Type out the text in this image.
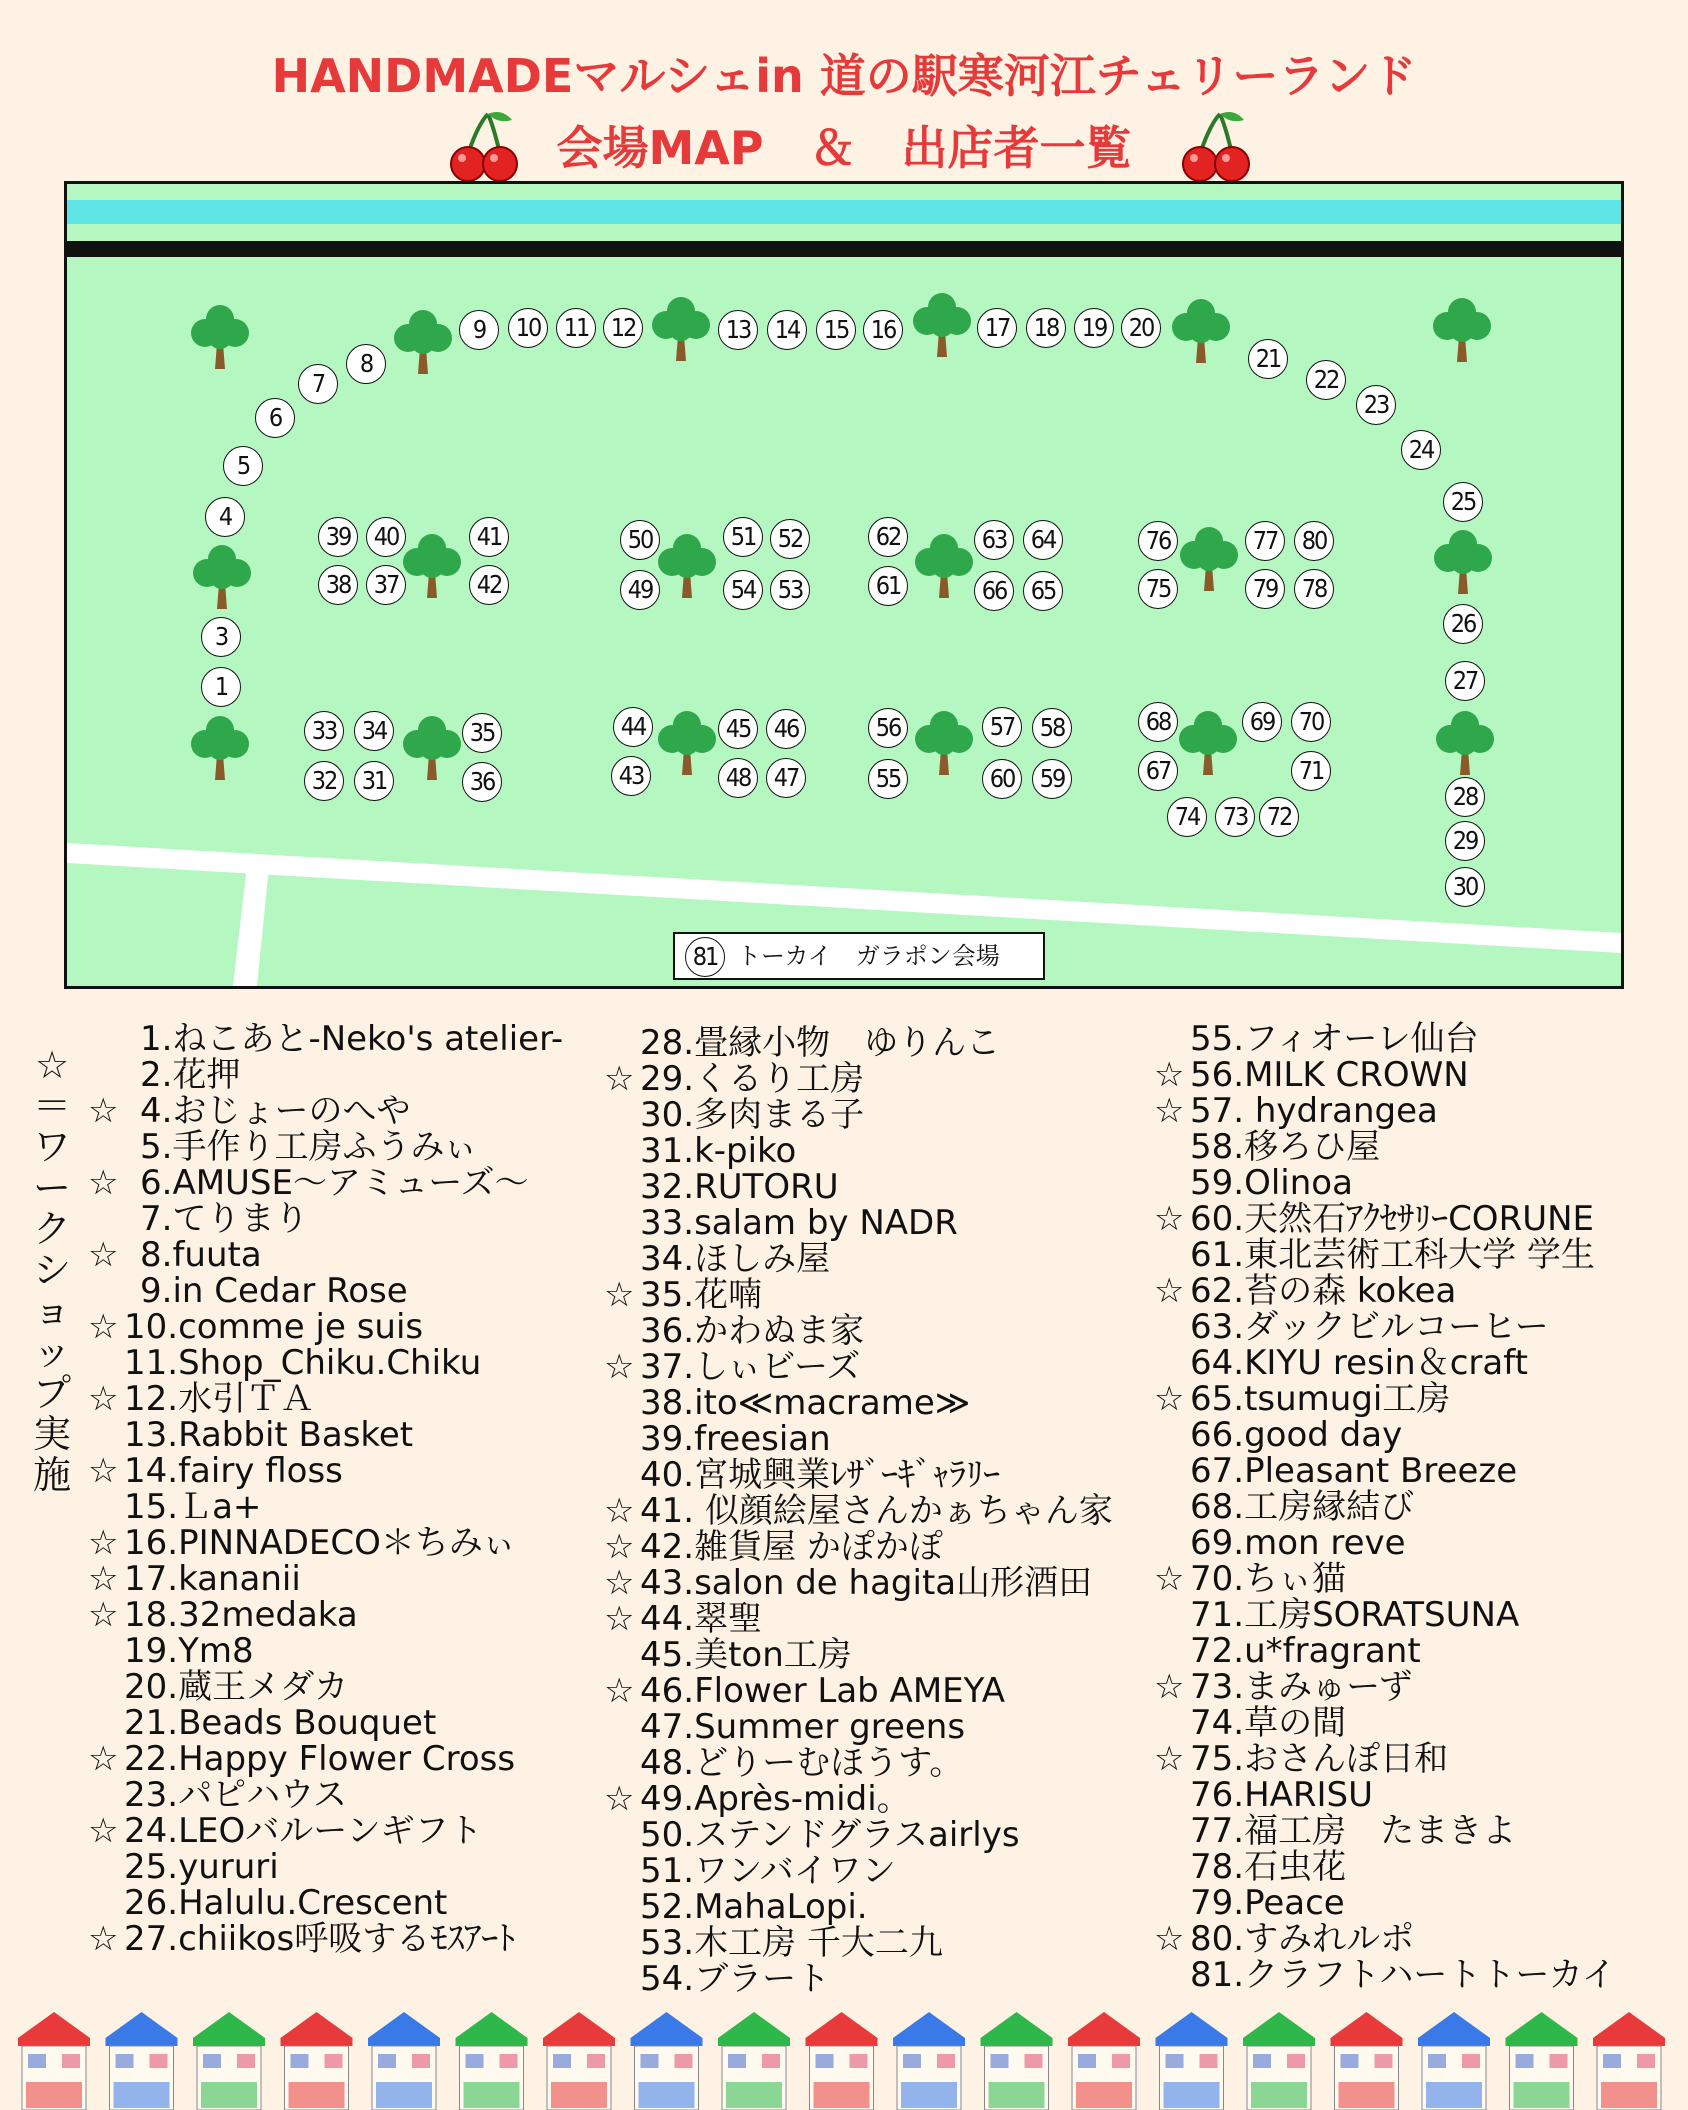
HANDMADEマルシェin 道の駅寒河江チェリーランド
会場MAP　＆　出店者一覧
1
3
4
5
6
7
8
9	10 11 12	13 14 15 16	17 18 19 20
21
22
23
24
25
26
27
28
29
30
31
32
33	34	35
36
37
38
39 40	41
42
43
44	45 46
47
48
49
50	51 52
53
54
55
56	57	58
59
60
61
62	63 64
65
66
67
68	69 70
71
72
73
74
75
76	77
78
79
80
81 トーカイ　ガラポン会場
☆＝ワークショップ実施
1.ねこあと-Neko's atelier-
2.花押
☆ 4.おじょーのへや
5.手作り工房ふうみぃ
☆ 6.AMUSE～アミューズ～
7.てりまり
☆ 8.fuuta
9.in Cedar Rose
☆ 10.comme je suis
11.Shop_Chiku.Chiku
☆ 12.水引ＴＡ
13.Rabbit Basket
☆ 14.fairy floss
15.Ｌa+
☆ 16.PINNADECO＊ちみぃ
☆ 17.kananii
☆ 18.32medaka
19.Ym8
20.蔵王メダカ
21.Beads Bouquet
☆ 22.Happy Flower Cross
23.パピハウス
☆ 24.LEOバルーンギフト
25.yururi
26.Halulu.Crescent
☆ 27.chiikos呼吸するﾓｽｱｰﾄ
28.畳縁小物　ゆりんこ
☆ 29.くるり工房
30.多肉まる子
31.k-piko
32.RUTORU
33.salam by NADR
34.ほしみ屋
☆ 35.花喃
36.かわぬま家
☆ 37.しぃビーズ
38.ito≪macrame≫
39.freesian
40.宮城興業ﾚｻﾞｰｷﾞｬﾗﾘｰ
☆ 41. 似顔絵屋さんかぁちゃん家
☆ 42.雑貨屋 かぽかぽ
☆ 43.salon de hagita山形酒田
☆ 44.翠聖
45.美ton工房
☆ 46.Flower Lab AMEYA
47.Summer greens
48.どりーむほうす。
☆ 49.Après-midi。
50.ステンドグラスairlys
51.ワンバイワン
52.MahaLopi.
53.木工房 千大二九
54.ブラート
55.フィオーレ仙台
☆ 56.MILK CROWN
☆ 57. hydrangea
58.移ろひ屋
59.Olinoa
☆ 60.天然石ｱｸｾｻﾘｰCORUNE
61.東北芸術工科大学 学生
☆ 62.苔の森 kokea
63.ダックビルコーヒー
64.KIYU resin＆craft
☆ 65.tsumugi工房
66.good day
67.Pleasant Breeze
68.工房縁結び
69.mon reve
☆ 70.ちぃ猫
71.工房SORATSUNA
72.u*fragrant
☆ 73.まみゅーず
74.草の間
☆ 75.おさんぽ日和
76.HARISU
77.福工房　たまきよ
78.石虫花
79.Peace
☆ 80.すみれルポ
81.クラフトハートトーカイ
